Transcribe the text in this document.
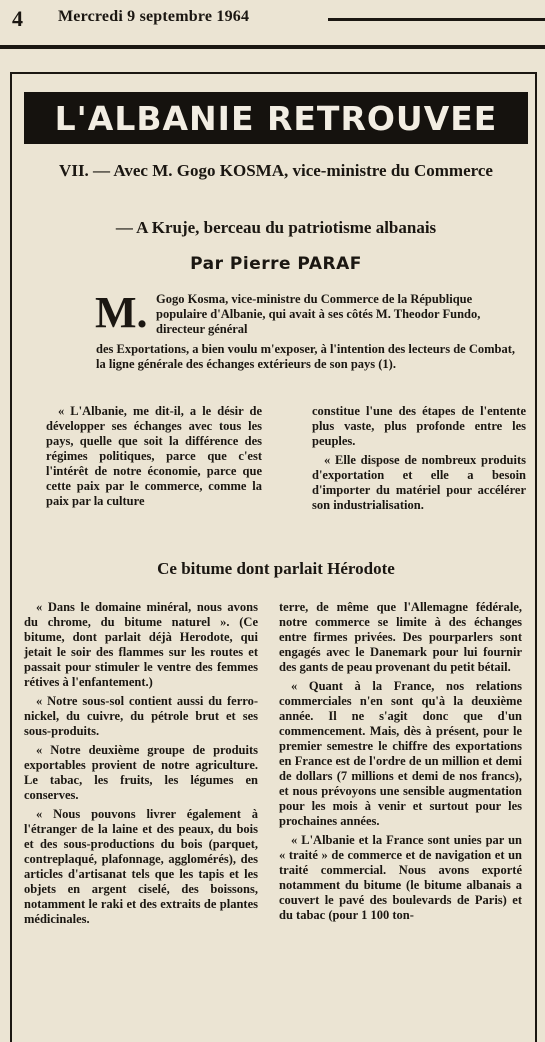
4 Mercredi 9 septembre 1964
L'ALBANIE RETROUVEE
VII. — Avec M. Gogo KOSMA, vice-ministre du Commerce
— A Kruje, berceau du patriotisme albanais
Par Pierre PARAF
M. Gogo Kosma, vice-ministre du Commerce de la République populaire d'Albanie, qui avait à ses côtés M. Theodor Fundo, directeur général
des Exportations, a bien voulu m'exposer, à l'intention des lecteurs de Combat, la ligne générale des échanges extérieurs de son pays (1).

« L'Albanie, me dit-il, a le désir de développer ses échanges avec tous les pays, quelle que soit la différence des régimes politiques, parce que c'est l'intérêt de notre économie, parce que cette paix par le commerce, comme la paix par la culture

constitue l'une des étapes de l'entente plus vaste, plus profonde entre les peuples.

« Elle dispose de nombreux produits d'exportation et elle a besoin d'importer du matériel pour accélérer son industrialisation.

Ce bitume dont parlait Hérodote

« Dans le domaine minéral, nous avons du chrome, du bitume naturel ». (Ce bitume, dont parlait déjà Herodote, qui jetait le soir des flammes sur les routes et passait pour stimuler le ventre des femmes rétives à l'enfantement.)

« Notre sous-sol contient aussi du ferro-nickel, du cuivre, du pétrole brut et ses sous-produits.

« Notre deuxième groupe de produits exportables provient de notre agriculture. Le tabac, les fruits, les légumes en conserves.

« Nous pouvons livrer également à l'étranger de la laine et des peaux, du bois et des sous-productions du bois (parquet, contreplaqué, plafonnage, agglomérés), des articles d'artisanat tels que les tapis et les objets en argent ciselé, des boissons, notamment le raki et des extraits de plantes médicinales.

terre, de même que l'Allemagne fédérale, notre commerce se limite à des échanges entre firmes privées. Des pourparlers sont engagés avec le Danemark pour lui fournir des gants de peau provenant du petit bétail.

« Quant à la France, nos relations commerciales n'en sont qu'à la deuxième année. Il ne s'agit donc que d'un commencement. Mais, dès à présent, pour le premier semestre le chiffre des exportations en France est de l'ordre de un million et demi de dollars (7 millions et demi de nos francs), et nous prévoyons une sensible augmentation pour les mois à venir et surtout pour les prochaines années.

« L'Albanie et la France sont unies par un « traité » de commerce et de navigation et un traité commercial. Nous avons exporté notamment du bitume (le bitume albanais a couvert le pavé des boulevards de Paris) et du tabac (pour 1 100 ton-
